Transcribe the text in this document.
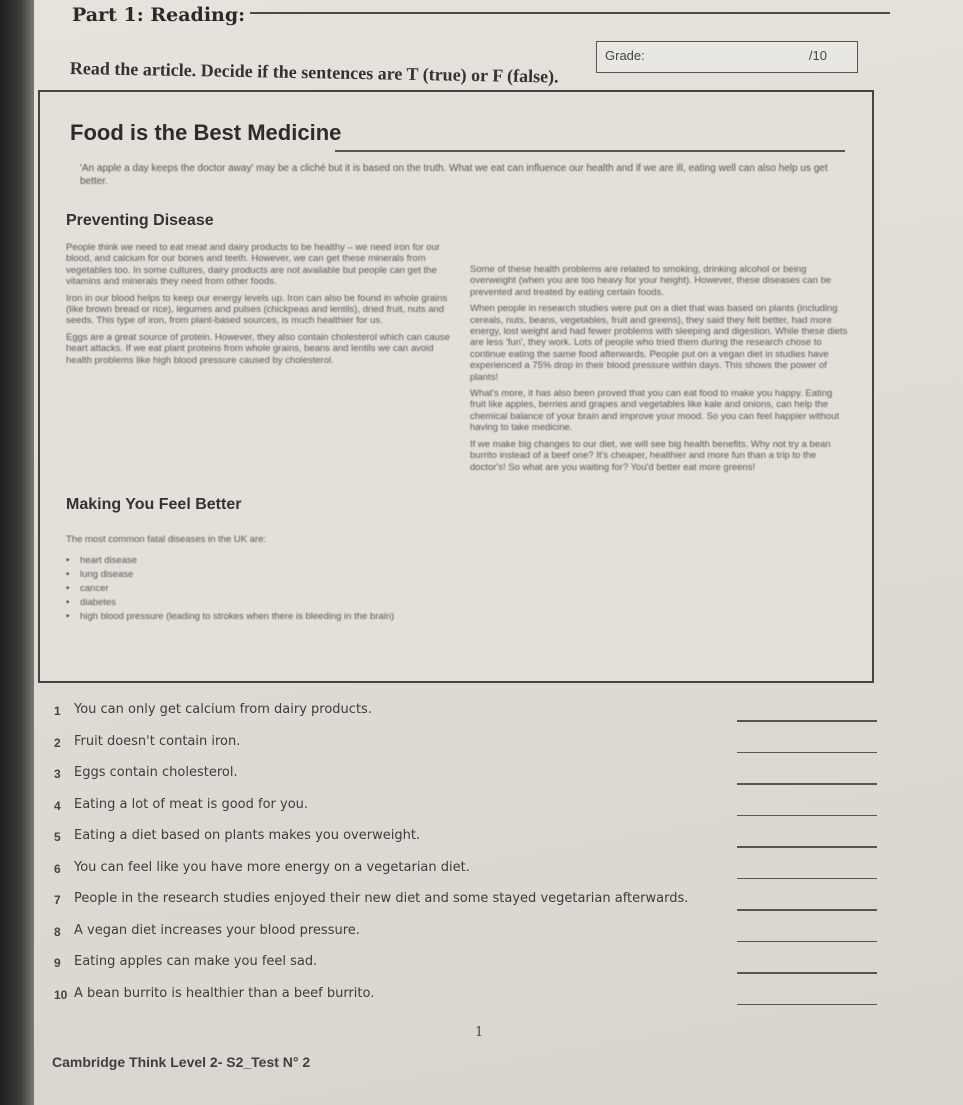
Part 1: Reading:
Grade:	/10

Read the article. Decide if the sentences are T (true) or F (false).

Food is the Best Medicine

'An apple a day keeps the doctor away' may be a cliché but it is based on the truth. What we eat can influence our health and if we are ill, eating well can also help us get better.

Preventing Disease

People think we need to eat meat and dairy products to be healthy – we need iron for our blood, and calcium for our bones and teeth. However, we can get these minerals from vegetables too. In some cultures, dairy products are not available but people can get the vitamins and minerals they need from other foods.

Iron in our blood helps to keep our energy levels up. Iron can also be found in whole grains (like brown bread or rice), legumes and pulses (chickpeas and lentils), dried fruit, nuts and seeds. This type of iron, from plant-based sources, is much healthier for us.

Eggs are a great source of protein. However, they also contain cholesterol which can cause heart attacks. If we eat plant proteins from whole grains, beans and lentils we can avoid health problems like high blood pressure caused by cholesterol.

Making You Feel Better

The most common fatal diseases in the UK are:

• heart disease
• lung disease
• cancer
• diabetes
• high blood pressure (leading to strokes when there is bleeding in the brain)

Some of these health problems are related to smoking, drinking alcohol or being overweight (when you are too heavy for your height). However, these diseases can be prevented and treated by eating certain foods.

When people in research studies were put on a diet that was based on plants (including cereals, nuts, beans, vegetables, fruit and greens), they said they felt better, had more energy, lost weight and had fewer problems with sleeping and digestion. While these diets are less 'fun', they work. Lots of people who tried them during the research chose to continue eating the same food afterwards. People put on a vegan diet in studies have experienced a 75% drop in their blood pressure within days. This shows the power of plants!

What's more, it has also been proved that you can eat food to make you happy. Eating fruit like apples, berries and grapes and vegetables like kale and onions, can help the chemical balance of your brain and improve your mood. So you can feel happier without having to take medicine.

If we make big changes to our diet, we will see big health benefits. Why not try a bean burrito instead of a beef one? It's cheaper, healthier and more fun than a trip to the doctor's! So what are you waiting for? You'd better eat more greens!

1 You can only get calcium from dairy products.
2 Fruit doesn't contain iron.
3 Eggs contain cholesterol.
4 Eating a lot of meat is good for you.
5 Eating a diet based on plants makes you overweight.
6 You can feel like you have more energy on a vegetarian diet.
7 People in the research studies enjoyed their new diet and some stayed vegetarian afterwards.
8 A vegan diet increases your blood pressure.
9 Eating apples can make you feel sad.
10 A bean burrito is healthier than a beef burrito.
1
Cambridge Think Level 2- S2_Test N° 2
